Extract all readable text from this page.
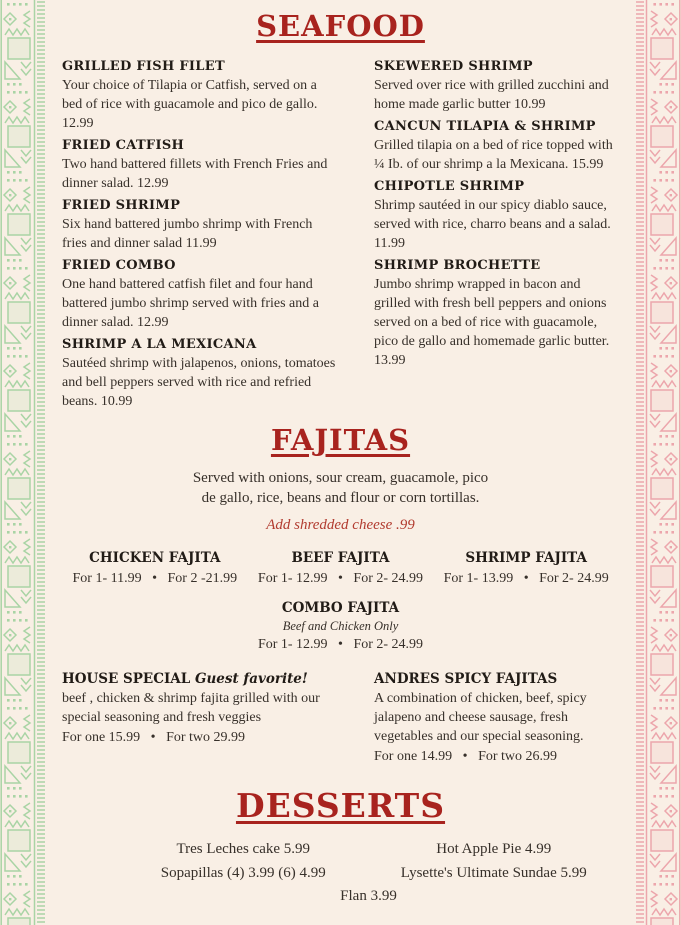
SEAFOOD
GRILLED FISH FILET
Your choice of Tilapia or Catfish, served on a bed of rice with guacamole and pico de gallo. 12.99
FRIED CATFISH
Two hand battered fillets with French Fries and dinner salad. 12.99
FRIED SHRIMP
Six hand battered jumbo shrimp with French fries and dinner salad 11.99
FRIED COMBO
One hand battered catfish filet and four hand battered jumbo shrimp served with fries and a dinner salad. 12.99
SHRIMP A LA MEXICANA
Sautéed shrimp with jalapenos, onions, tomatoes and bell peppers served with rice and refried beans. 10.99
SKEWERED SHRIMP
Served over rice with grilled zucchini and home made garlic butter 10.99
CANCUN TILAPIA & SHRIMP
Grilled tilapia on a bed of rice topped with ¼ Ib. of our shrimp a la Mexicana. 15.99
CHIPOTLE SHRIMP
Shrimp sautéed in our spicy diablo sauce, served with rice, charro beans and a salad. 11.99
SHRIMP BROCHETTE
Jumbo shrimp wrapped in bacon and grilled with fresh bell peppers and onions served on a bed of rice with guacamole, pico de gallo and homemade garlic butter. 13.99
FAJITAS
Served with onions, sour cream, guacamole, pico
de gallo, rice, beans and flour or corn tortillas.
Add shredded cheese .99
CHICKEN FAJITA
For 1- 11.99  •  For 2 -21.99
BEEF FAJITA
For 1- 12.99  •  For 2- 24.99
SHRIMP FAJITA
For 1- 13.99  •  For 2- 24.99
COMBO FAJITA
Beef and Chicken Only
For 1- 12.99  •  For 2- 24.99
HOUSE SPECIAL Guest favorite!
beef , chicken & shrimp fajita grilled with our special seasoning and fresh veggies
For one 15.99  •  For two 29.99
ANDRES SPICY FAJITAS
A combination of chicken, beef, spicy jalapeno and cheese sausage, fresh vegetables and our special seasoning.
For one 14.99  •  For two 26.99
DESSERTS
Tres Leches cake 5.99	Hot Apple Pie 4.99
Sopapillas (4) 3.99 (6) 4.99	Lysette's Ultimate Sundae 5.99
Flan 3.99
